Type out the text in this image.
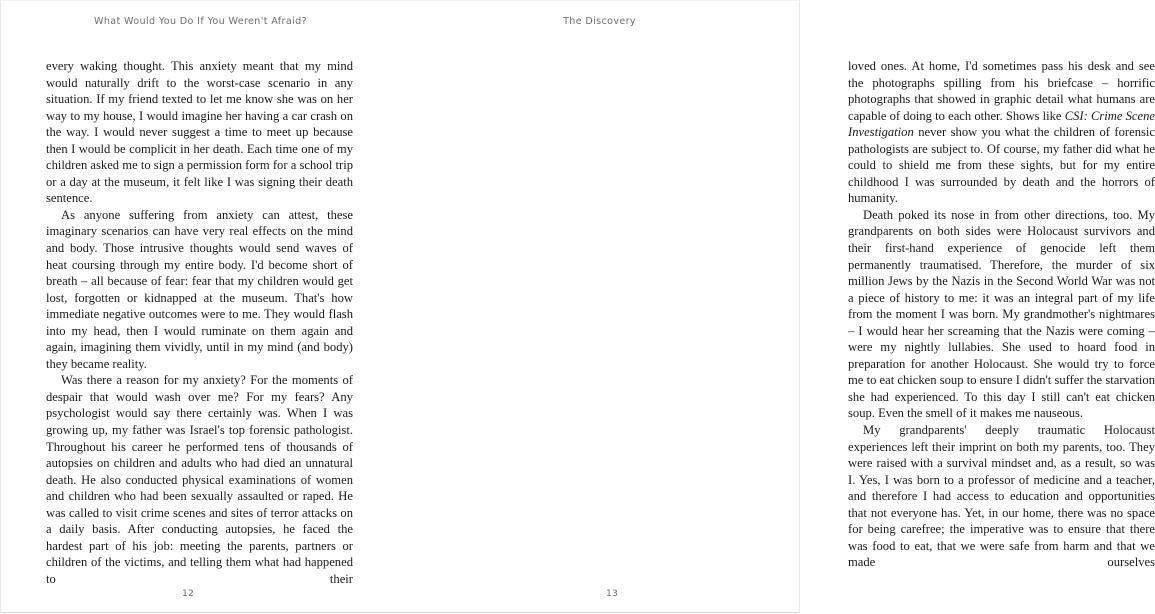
What Would You Do If You Weren't Afraid?

every waking thought. This anxiety meant that my mind would naturally drift to the worst-case scenario in any situation. If my friend texted to let me know she was on her way to my house, I would imagine her having a car crash on the way. I would never suggest a time to meet up because then I would be complicit in her death. Each time one of my children asked me to sign a permission form for a school trip or a day at the museum, it felt like I was signing their death sentence.

As anyone suffering from anxiety can attest, these imaginary scenarios can have very real effects on the mind and body. Those intrusive thoughts would send waves of heat coursing through my entire body. I'd become short of breath – all because of fear: fear that my children would get lost, forgotten or kidnapped at the museum. That's how immediate negative outcomes were to me. They would flash into my head, then I would ruminate on them again and again, imagining them vividly, until in my mind (and body) they became reality.

Was there a reason for my anxiety? For the moments of despair that would wash over me? For my fears? Any psychologist would say there certainly was. When I was growing up, my father was Israel's top forensic pathologist. Throughout his career he performed tens of thousands of autopsies on children and adults who had died an unnatural death. He also conducted physical examinations of women and children who had been sexually assaulted or raped. He was called to visit crime scenes and sites of terror attacks on a daily basis. After conducting autopsies, he faced the hardest part of his job: meeting the parents, partners or children of the victims, and telling them what had happened to their

12
The Discovery

loved ones. At home, I'd sometimes pass his desk and see the photographs spilling from his briefcase – horrific photographs that showed in graphic detail what humans are capable of doing to each other. Shows like CSI: Crime Scene Investigation never show you what the children of forensic pathologists are subject to. Of course, my father did what he could to shield me from these sights, but for my entire childhood I was surrounded by death and the horrors of humanity.

Death poked its nose in from other directions, too. My grandparents on both sides were Holocaust survivors and their first-hand experience of genocide left them permanently traumatised. Therefore, the murder of six million Jews by the Nazis in the Second World War was not a piece of history to me: it was an integral part of my life from the moment I was born. My grandmother's nightmares – I would hear her screaming that the Nazis were coming – were my nightly lullabies. She used to hoard food in preparation for another Holocaust. She would try to force me to eat chicken soup to ensure I didn't suffer the starvation she had experienced. To this day I still can't eat chicken soup. Even the smell of it makes me nauseous.

My grandparents' deeply traumatic Holocaust experiences left their imprint on both my parents, too. They were raised with a survival mindset and, as a result, so was I. Yes, I was born to a professor of medicine and a teacher, and therefore I had access to education and opportunities that not everyone has. Yet, in our home, there was no space for being carefree; the imperative was to ensure that there was food to eat, that we were safe from harm and that we made ourselves

13
